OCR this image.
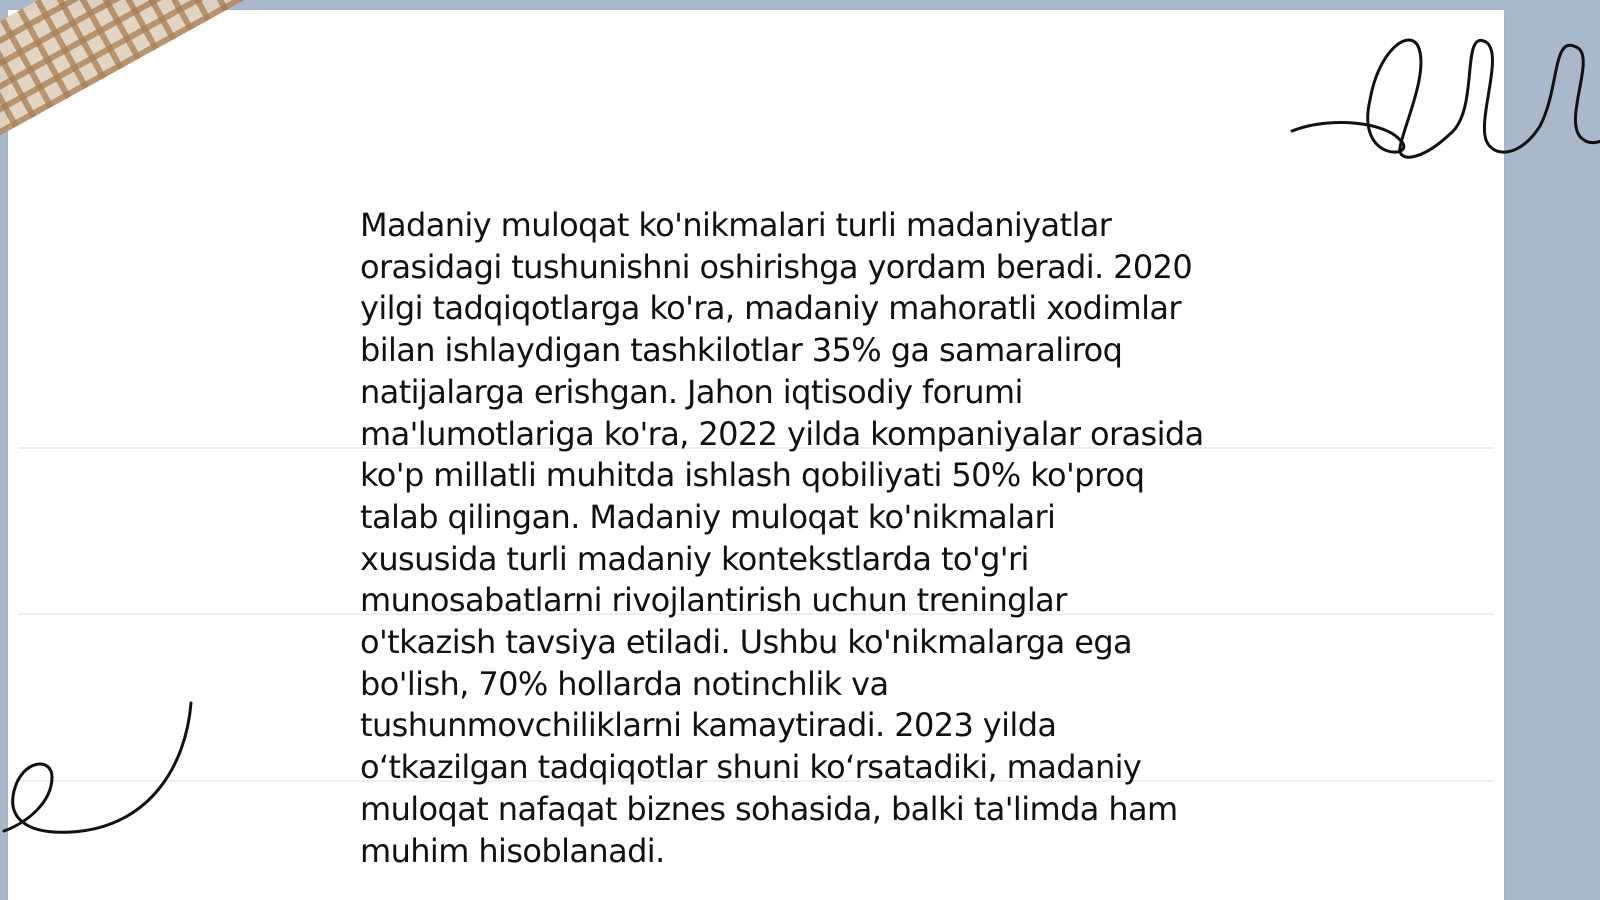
Madaniy muloqat ko'nikmalari turli madaniyatlar
orasidagi tushunishni oshirishga yordam beradi. 2020
yilgi tadqiqotlarga ko'ra, madaniy mahoratli xodimlar
bilan ishlaydigan tashkilotlar 35% ga samaraliroq
natijalarga erishgan. Jahon iqtisodiy forumi
ma'lumotlariga ko'ra, 2022 yilda kompaniyalar orasida
ko'p millatli muhitda ishlash qobiliyati 50% ko'proq
talab qilingan. Madaniy muloqat ko'nikmalari
xususida turli madaniy kontekstlarda to'g'ri
munosabatlarni rivojlantirish uchun treninglar
o'tkazish tavsiya etiladi. Ushbu ko'nikmalarga ega
bo'lish, 70% hollarda notinchlik va
tushunmovchiliklarni kamaytiradi. 2023 yilda
o‘tkazilgan tadqiqotlar shuni ko‘rsatadiki, madaniy
muloqat nafaqat biznes sohasida, balki ta'limda ham
muhim hisoblanadi.
